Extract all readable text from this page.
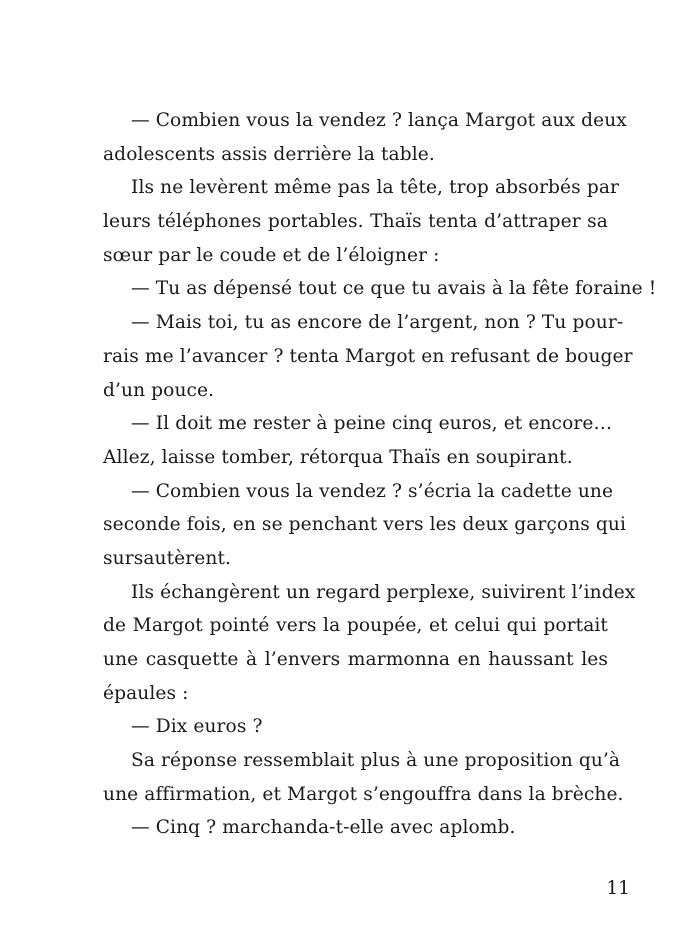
— Combien vous la vendez ? lança Margot aux deux
adolescents assis derrière la table.
Ils ne levèrent même pas la tête, trop absorbés par
leurs téléphones portables. Thaïs tenta d’attraper sa
sœur par le coude et de l’éloigner :
— Tu as dépensé tout ce que tu avais à la fête foraine !
— Mais toi, tu as encore de l’argent, non ? Tu pour-
rais me l’avancer ? tenta Margot en refusant de bouger
d’un pouce.
— Il doit me rester à peine cinq euros, et encore…
Allez, laisse tomber, rétorqua Thaïs en soupirant.
— Combien vous la vendez ? s’écria la cadette une
seconde fois, en se penchant vers les deux garçons qui
sursautèrent.
Ils échangèrent un regard perplexe, suivirent l’index
de Margot pointé vers la poupée, et celui qui portait
une casquette à l’envers marmonna en haussant les
épaules :
— Dix euros ?
Sa réponse ressemblait plus à une proposition qu’à
une affirmation, et Margot s’engouffra dans la brèche.
— Cinq ? marchanda-t-elle avec aplomb.
11
